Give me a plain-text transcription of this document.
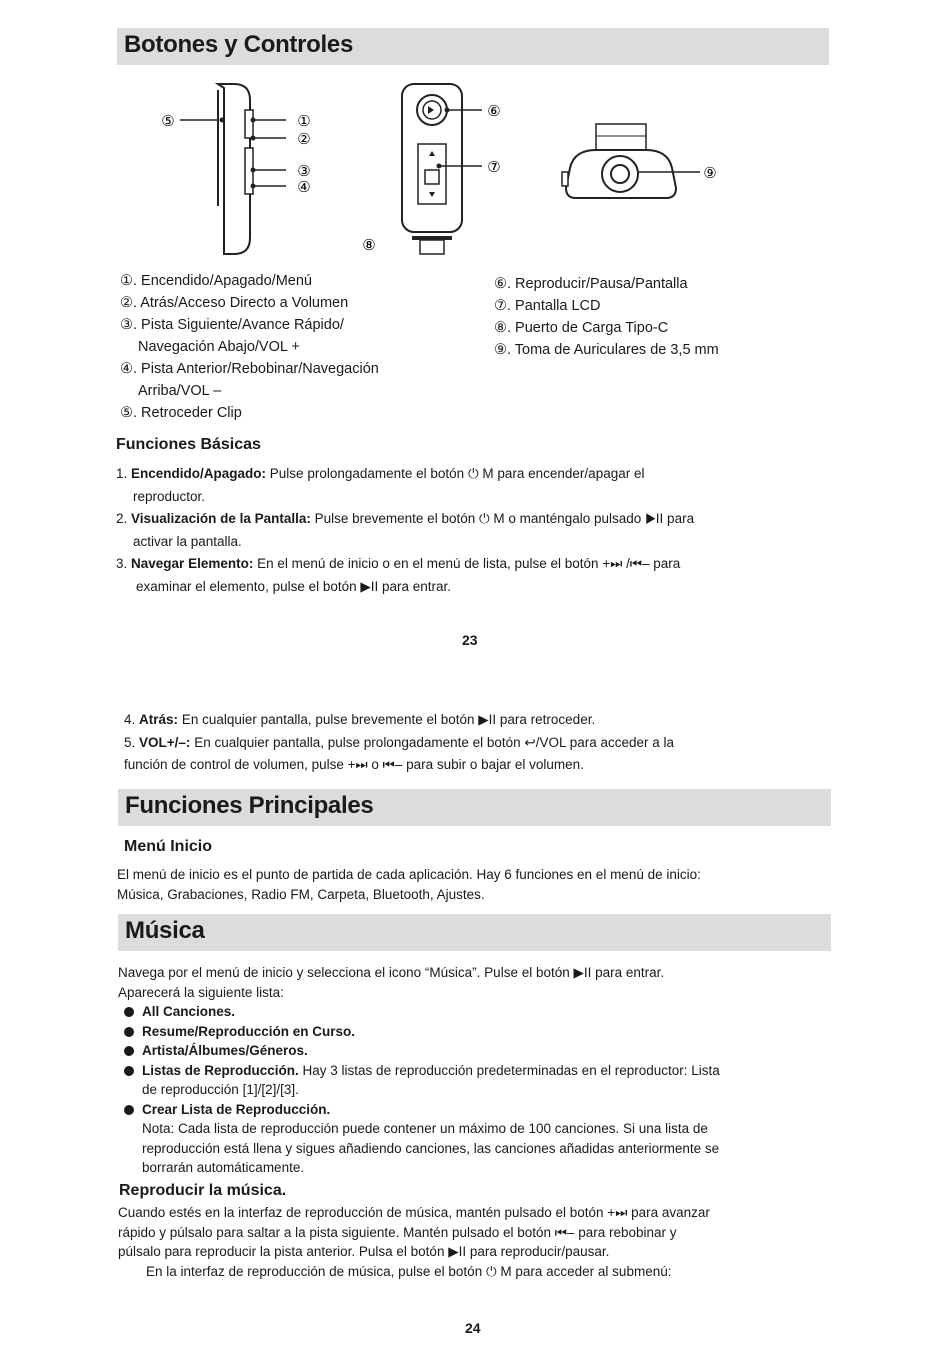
Botones y Controles
⑤	①
②
③
④
⑥
⑦
⑧
⑨
①. Encendido/Apagado/Menú
②. Atrás/Acceso Directo a Volumen
③. Pista Siguiente/Avance Rápido/
Navegación Abajo/VOL +
④. Pista Anterior/Rebobinar/Navegación
Arriba/VOL –
⑤. Retroceder Clip
⑥. Reproducir/Pausa/Pantalla
⑦. Pantalla LCD
⑧. Puerto de Carga Tipo-C
⑨. Toma de Auriculares de 3,5 mm
Funciones Básicas
1. Encendido/Apagado: Pulse prolongadamente el botón ⏻ M para encender/apagar el
reproductor.
2. Visualización de la Pantalla: Pulse brevemente el botón ⏻ M o manténgalo pulsado ▶II para
activar la pantalla.
3. Navegar Elemento: En el menú de inicio o en el menú de lista, pulse el botón +⏭ /⏮– para
examinar el elemento, pulse el botón ▶II para entrar.
23
4. Atrás: En cualquier pantalla, pulse brevemente el botón ▶II para retroceder.
5. VOL+/–: En cualquier pantalla, pulse prolongadamente el botón ↩/VOL para acceder a la
función de control de volumen, pulse +⏭ o ⏮– para subir o bajar el volumen.
Funciones Principales
Menú Inicio
El menú de inicio es el punto de partida de cada aplicación. Hay 6 funciones en el menú de inicio:
Música, Grabaciones, Radio FM, Carpeta, Bluetooth, Ajustes.
Música
Navega por el menú de inicio y selecciona el icono “Música”. Pulse el botón ▶II para entrar.
Aparecerá la siguiente lista:
All Canciones.
Resume/Reproducción en Curso.
Artista/Álbumes/Géneros.
Listas de Reproducción. Hay 3 listas de reproducción predeterminadas en el reproductor: Lista
de reproducción [1]/[2]/[3].
Crear Lista de Reproducción.
Nota: Cada lista de reproducción puede contener un máximo de 100 canciones. Si una lista de
reproducción está llena y sigues añadiendo canciones, las canciones añadidas anteriormente se
borrarán automáticamente.
Reproducir la música.
Cuando estés en la interfaz de reproducción de música, mantén pulsado el botón +⏭ para avanzar
rápido y púlsalo para saltar a la pista siguiente. Mantén pulsado el botón ⏮– para rebobinar y
púlsalo para reproducir la pista anterior. Pulsa el botón ▶II para reproducir/pausar.
En la interfaz de reproducción de música, pulse el botón ⏻ M para acceder al submenú:
24
